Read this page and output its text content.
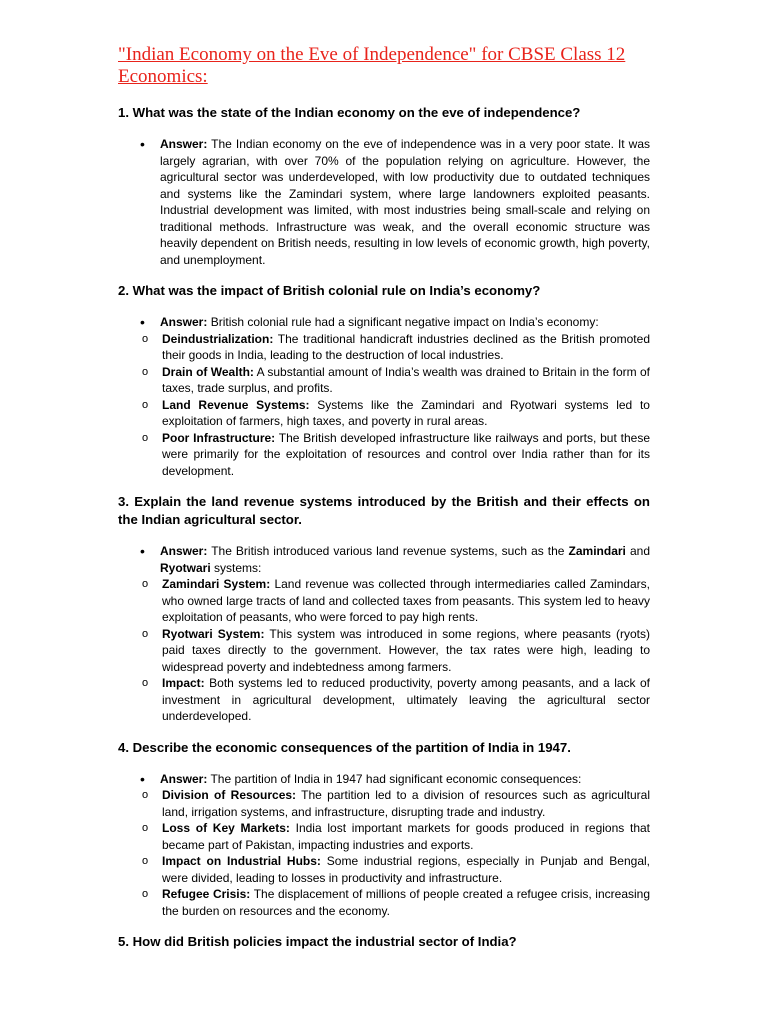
"Indian Economy on the Eve of Independence" for CBSE Class 12 Economics:
1. What was the state of the Indian economy on the eve of independence?
•	Answer: The Indian economy on the eve of independence was in a very poor state. It was largely agrarian, with over 70% of the population relying on agriculture. However, the agricultural sector was underdeveloped, with low productivity due to outdated techniques and systems like the Zamindari system, where large landowners exploited peasants. Industrial development was limited, with most industries being small-scale and relying on traditional methods. Infrastructure was weak, and the overall economic structure was heavily dependent on British needs, resulting in low levels of economic growth, high poverty, and unemployment.
2. What was the impact of British colonial rule on India’s economy?
•	Answer: British colonial rule had a significant negative impact on India’s economy:
o	Deindustrialization: The traditional handicraft industries declined as the British promoted their goods in India, leading to the destruction of local industries.
o	Drain of Wealth: A substantial amount of India’s wealth was drained to Britain in the form of taxes, trade surplus, and profits.
o	Land Revenue Systems: Systems like the Zamindari and Ryotwari systems led to exploitation of farmers, high taxes, and poverty in rural areas.
o	Poor Infrastructure: The British developed infrastructure like railways and ports, but these were primarily for the exploitation of resources and control over India rather than for its development.
3. Explain the land revenue systems introduced by the British and their effects on the Indian agricultural sector.
•	Answer: The British introduced various land revenue systems, such as the Zamindari and Ryotwari systems:
o	Zamindari System: Land revenue was collected through intermediaries called Zamindars, who owned large tracts of land and collected taxes from peasants. This system led to heavy exploitation of peasants, who were forced to pay high rents.
o	Ryotwari System: This system was introduced in some regions, where peasants (ryots) paid taxes directly to the government. However, the tax rates were high, leading to widespread poverty and indebtedness among farmers.
o	Impact: Both systems led to reduced productivity, poverty among peasants, and a lack of investment in agricultural development, ultimately leaving the agricultural sector underdeveloped.
4. Describe the economic consequences of the partition of India in 1947.
•	Answer: The partition of India in 1947 had significant economic consequences:
o	Division of Resources: The partition led to a division of resources such as agricultural land, irrigation systems, and infrastructure, disrupting trade and industry.
o	Loss of Key Markets: India lost important markets for goods produced in regions that became part of Pakistan, impacting industries and exports.
o	Impact on Industrial Hubs: Some industrial regions, especially in Punjab and Bengal, were divided, leading to losses in productivity and infrastructure.
o	Refugee Crisis: The displacement of millions of people created a refugee crisis, increasing the burden on resources and the economy.
5. How did British policies impact the industrial sector of India?
